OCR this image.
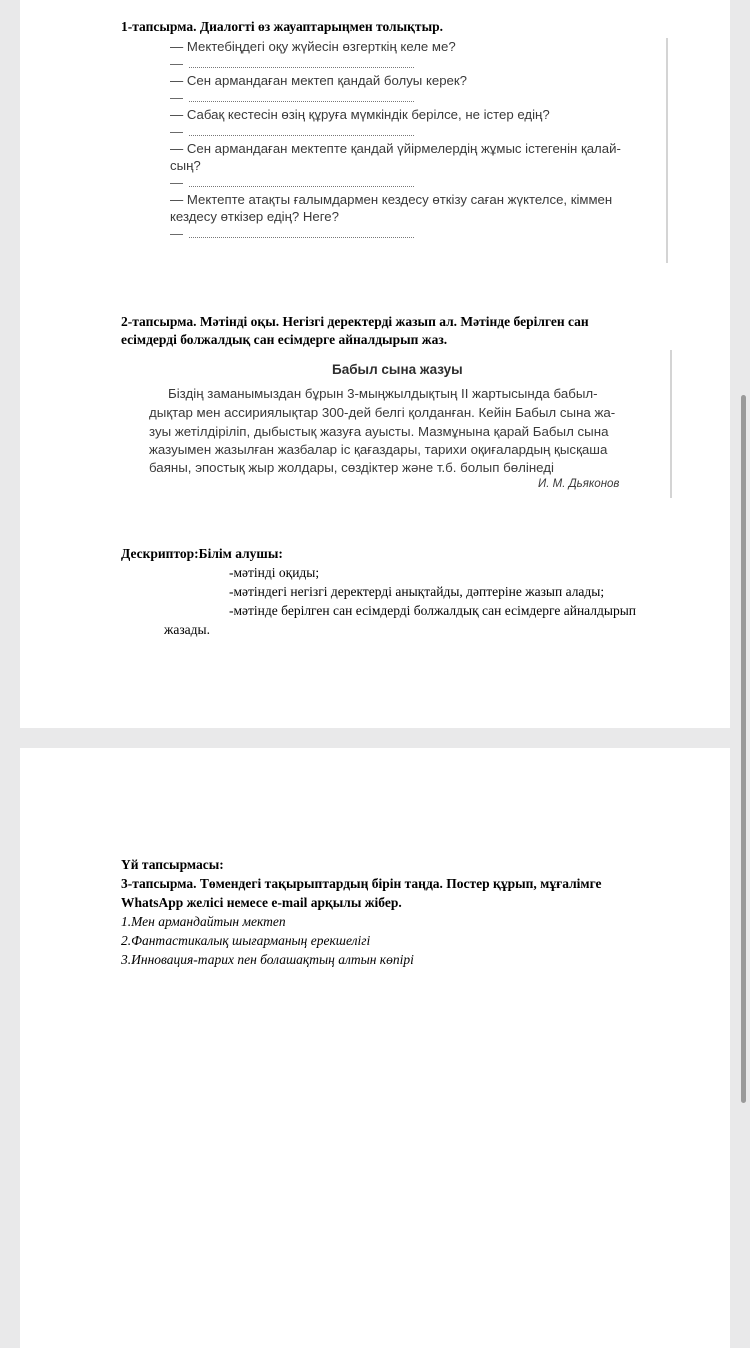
1-тапсырма. Диалогті өз жауаптарыңмен толықтыр.
— Мектебіңдегі оқу жүйесін өзгерткің келе ме?
—
— Сен армандаған мектеп қандай болуы керек?
—
— Сабақ кестесін өзің құруға мүмкіндік берілсе, не істер едің?
—
— Сен армандаған мектепте қандай үйірмелердің жұмыс істегенін қалай-
сың?
—
— Мектепте атақты ғалымдармен кездесу өткізу саған жүктелсе, кіммен
кездесу өткізер едің? Неге?
—
2-тапсырма. Мәтінді оқы. Негізгі деректерді жазып ал. Мәтінде берілген сан
есімдерді болжалдық сан есімдерге айналдырып жаз.
Бабыл сына жазуы
Біздің заманымыздан бұрын 3-мыңжылдықтың ІІ жартысында бабыл-
дықтар мен ассириялықтар 300-дей белгі қолданған. Кейін Бабыл сына жа-
зуы жетілдіріліп, дыбыстық жазуға ауысты. Мазмұнына қарай Бабыл сына
жазуымен жазылған жазбалар іс қағаздары, тарихи оқиғалардың қысқаша
баяны, эпостық жыр жолдары, сөздіктер және т.б. болып бөлінеді
И. М. Дьяконов
Дескриптор:Білім алушы:
-мәтінді оқиды;
-мәтіндегі негізгі деректерді анықтайды, дәптеріне жазып алады;
-мәтінде берілген сан есімдерді болжалдық сан есімдерге айналдырып
жазады.
Үй тапсырмасы:
3-тапсырма. Төмендегі тақырыптардың бірін таңда. Постер құрып, мұғалімге
WhatsApp желісі немесе e-mail арқылы жібер.
1.Мен армандайтын мектеп
2.Фантастикалық шығарманың ерекшелігі
3.Инновация-тарих пен болашақтың алтын көпірі
